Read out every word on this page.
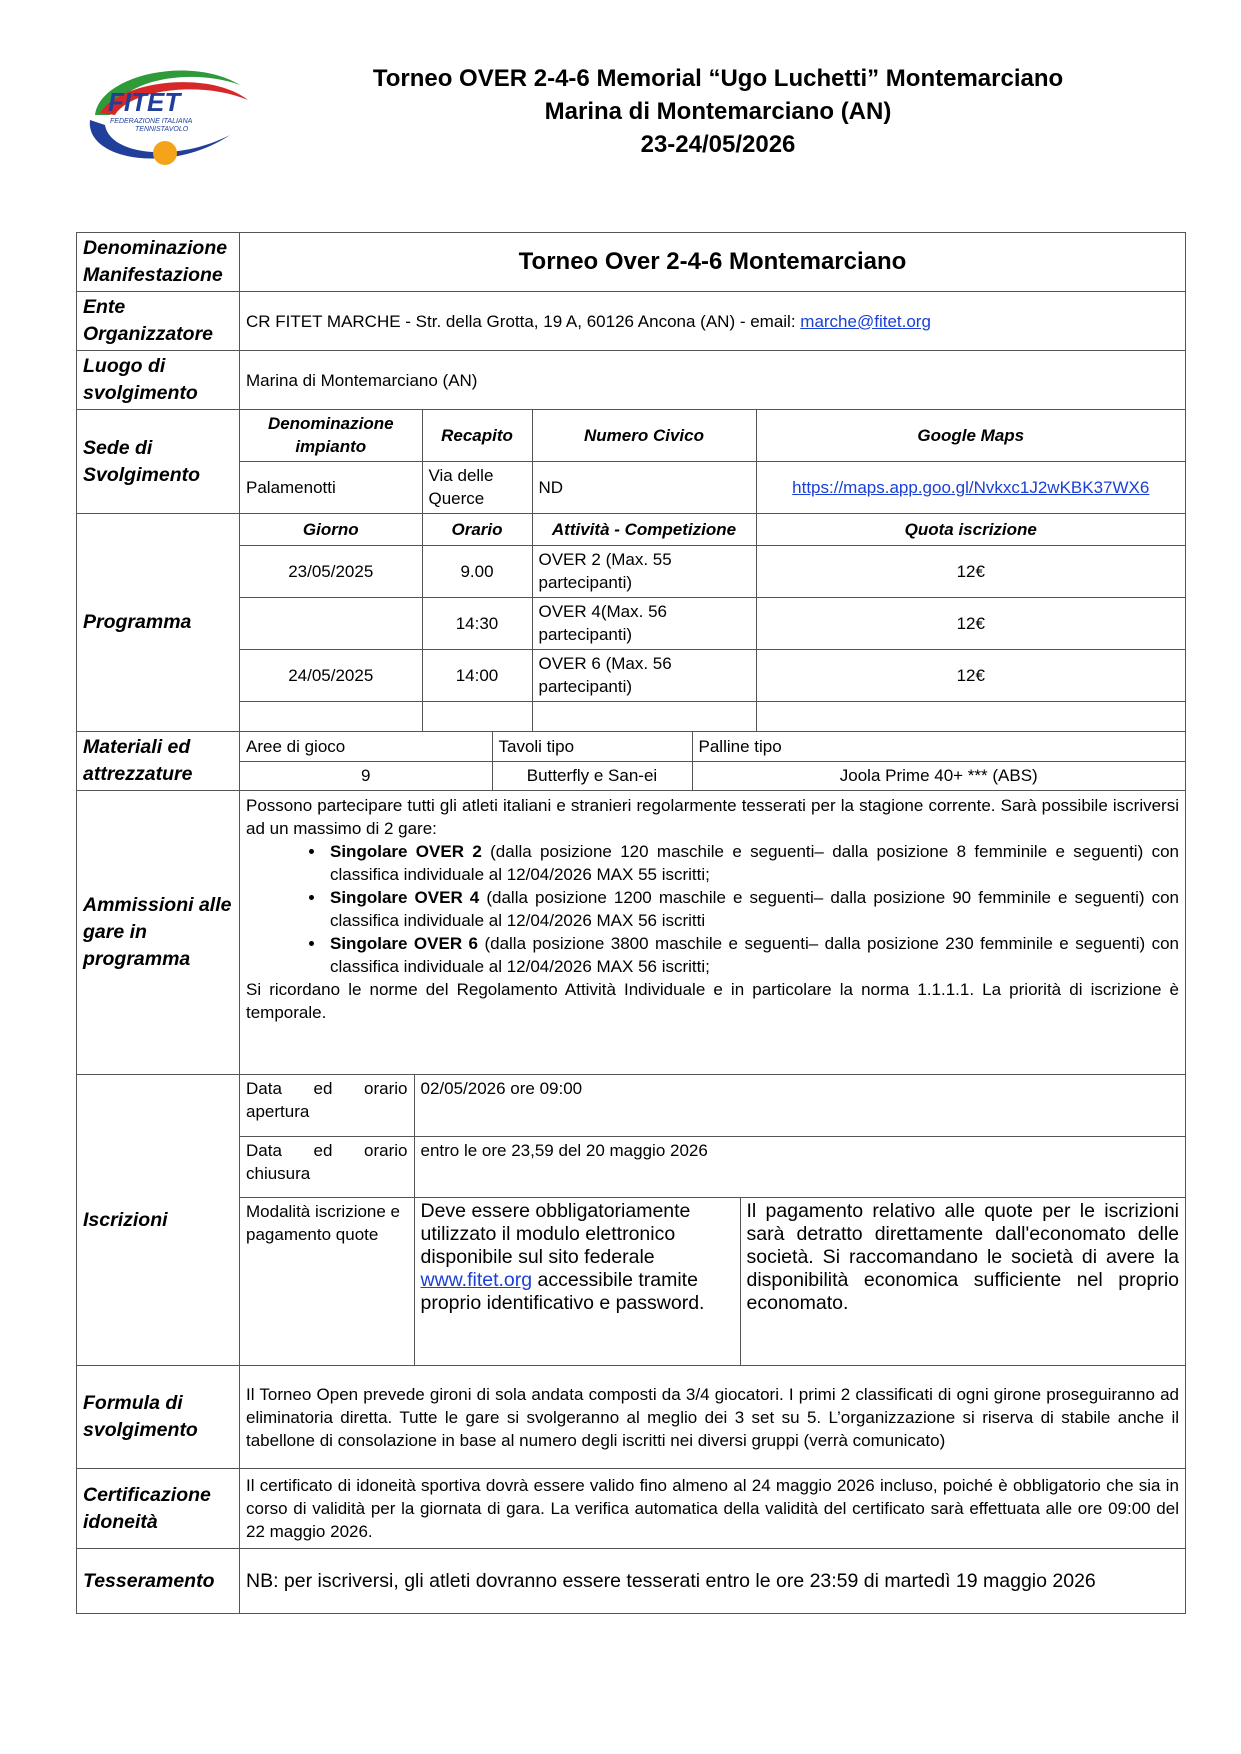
FITET
FEDERAZIONE ITALIANA
TENNISTAVOLO
Torneo OVER 2-4-6 Memorial “Ugo Luchetti” Montemarciano
Marina di Montemarciano (AN)
23-24/05/2026
Denominazione Manifestazione	Torneo Over 2-4-6 Montemarciano
Ente Organizzatore	CR FITET MARCHE - Str. della Grotta, 19 A, 60126 Ancona (AN) - email: marche@fitet.org
Luogo di svolgimento	Marina di Montemarciano (AN)
Sede di Svolgimento	
Denominazione impianto	Recapito	Numero Civico	Google Maps
Palamenotti	Via delle Querce	ND	https://maps.app.goo.gl/Nvkxc1J2wKBK37WX6

Programma	
Giorno	Orario	Attività - Competizione	Quota iscrizione
23/05/2025	9.00	OVER 2 (Max. 55 partecipanti)	12€
	14:30	OVER 4(Max. 56 partecipanti)	12€
24/05/2025	14:00	OVER 6 (Max. 56 partecipanti)	12€

Materiali ed attrezzature	
Aree di gioco	Tavoli tipo	Palline tipo
9	Butterfly e San-ei	Joola Prime 40+ *** (ABS)

Ammissioni alle gare in programma	
Possono partecipare tutti gli atleti italiani e stranieri regolarmente tesserati per la stagione corrente. Sarà possibile iscriversi ad un massimo di 2 gare:
• Singolare OVER 2 (dalla posizione 120 maschile e seguenti– dalla posizione 8 femminile e seguenti) con classifica individuale al 12/04/2026 MAX 55 iscritti;
• Singolare OVER 4 (dalla posizione 1200 maschile e seguenti– dalla posizione 90 femminile e seguenti) con classifica individuale al 12/04/2026 MAX 56 iscritti
• Singolare OVER 6 (dalla posizione 3800 maschile e seguenti– dalla posizione 230 femminile e seguenti) con classifica individuale al 12/04/2026 MAX 56 iscritti;
Si ricordano le norme del Regolamento Attività Individuale e in particolare la norma 1.1.1.1. La priorità di iscrizione è temporale.

Iscrizioni	
Data ed orario apertura	02/05/2026 ore 09:00
Data ed orario chiusura	entro le ore 23,59 del 20 maggio 2026
Modalità iscrizione e pagamento quote	Deve essere obbligatoriamente utilizzato il modulo elettronico disponibile sul sito federale www.fitet.org accessibile tramite proprio identificativo e password.	Il pagamento relativo alle quote per le iscrizioni sarà detratto direttamente dall'economato delle società. Si raccomandano le società di avere la disponibilità economica sufficiente nel proprio economato.

Formula di svolgimento	Il Torneo Open prevede gironi di sola andata composti da 3/4 giocatori. I primi 2 classificati di ogni girone proseguiranno ad eliminatoria diretta. Tutte le gare si svolgeranno al meglio dei 3 set su 5. L’organizzazione si riserva di stabile anche il tabellone di consolazione in base al numero degli iscritti nei diversi gruppi (verrà comunicato)
Certificazione idoneità	Il certificato di idoneità sportiva dovrà essere valido fino almeno al 24 maggio 2026 incluso, poiché è obbligatorio che sia in corso di validità per la giornata di gara. La verifica automatica della validità del certificato sarà effettuata alle ore 09:00 del 22 maggio 2026.
Tesseramento	NB: per iscriversi, gli atleti dovranno essere tesserati entro le ore 23:59 di martedì 19 maggio 2026
